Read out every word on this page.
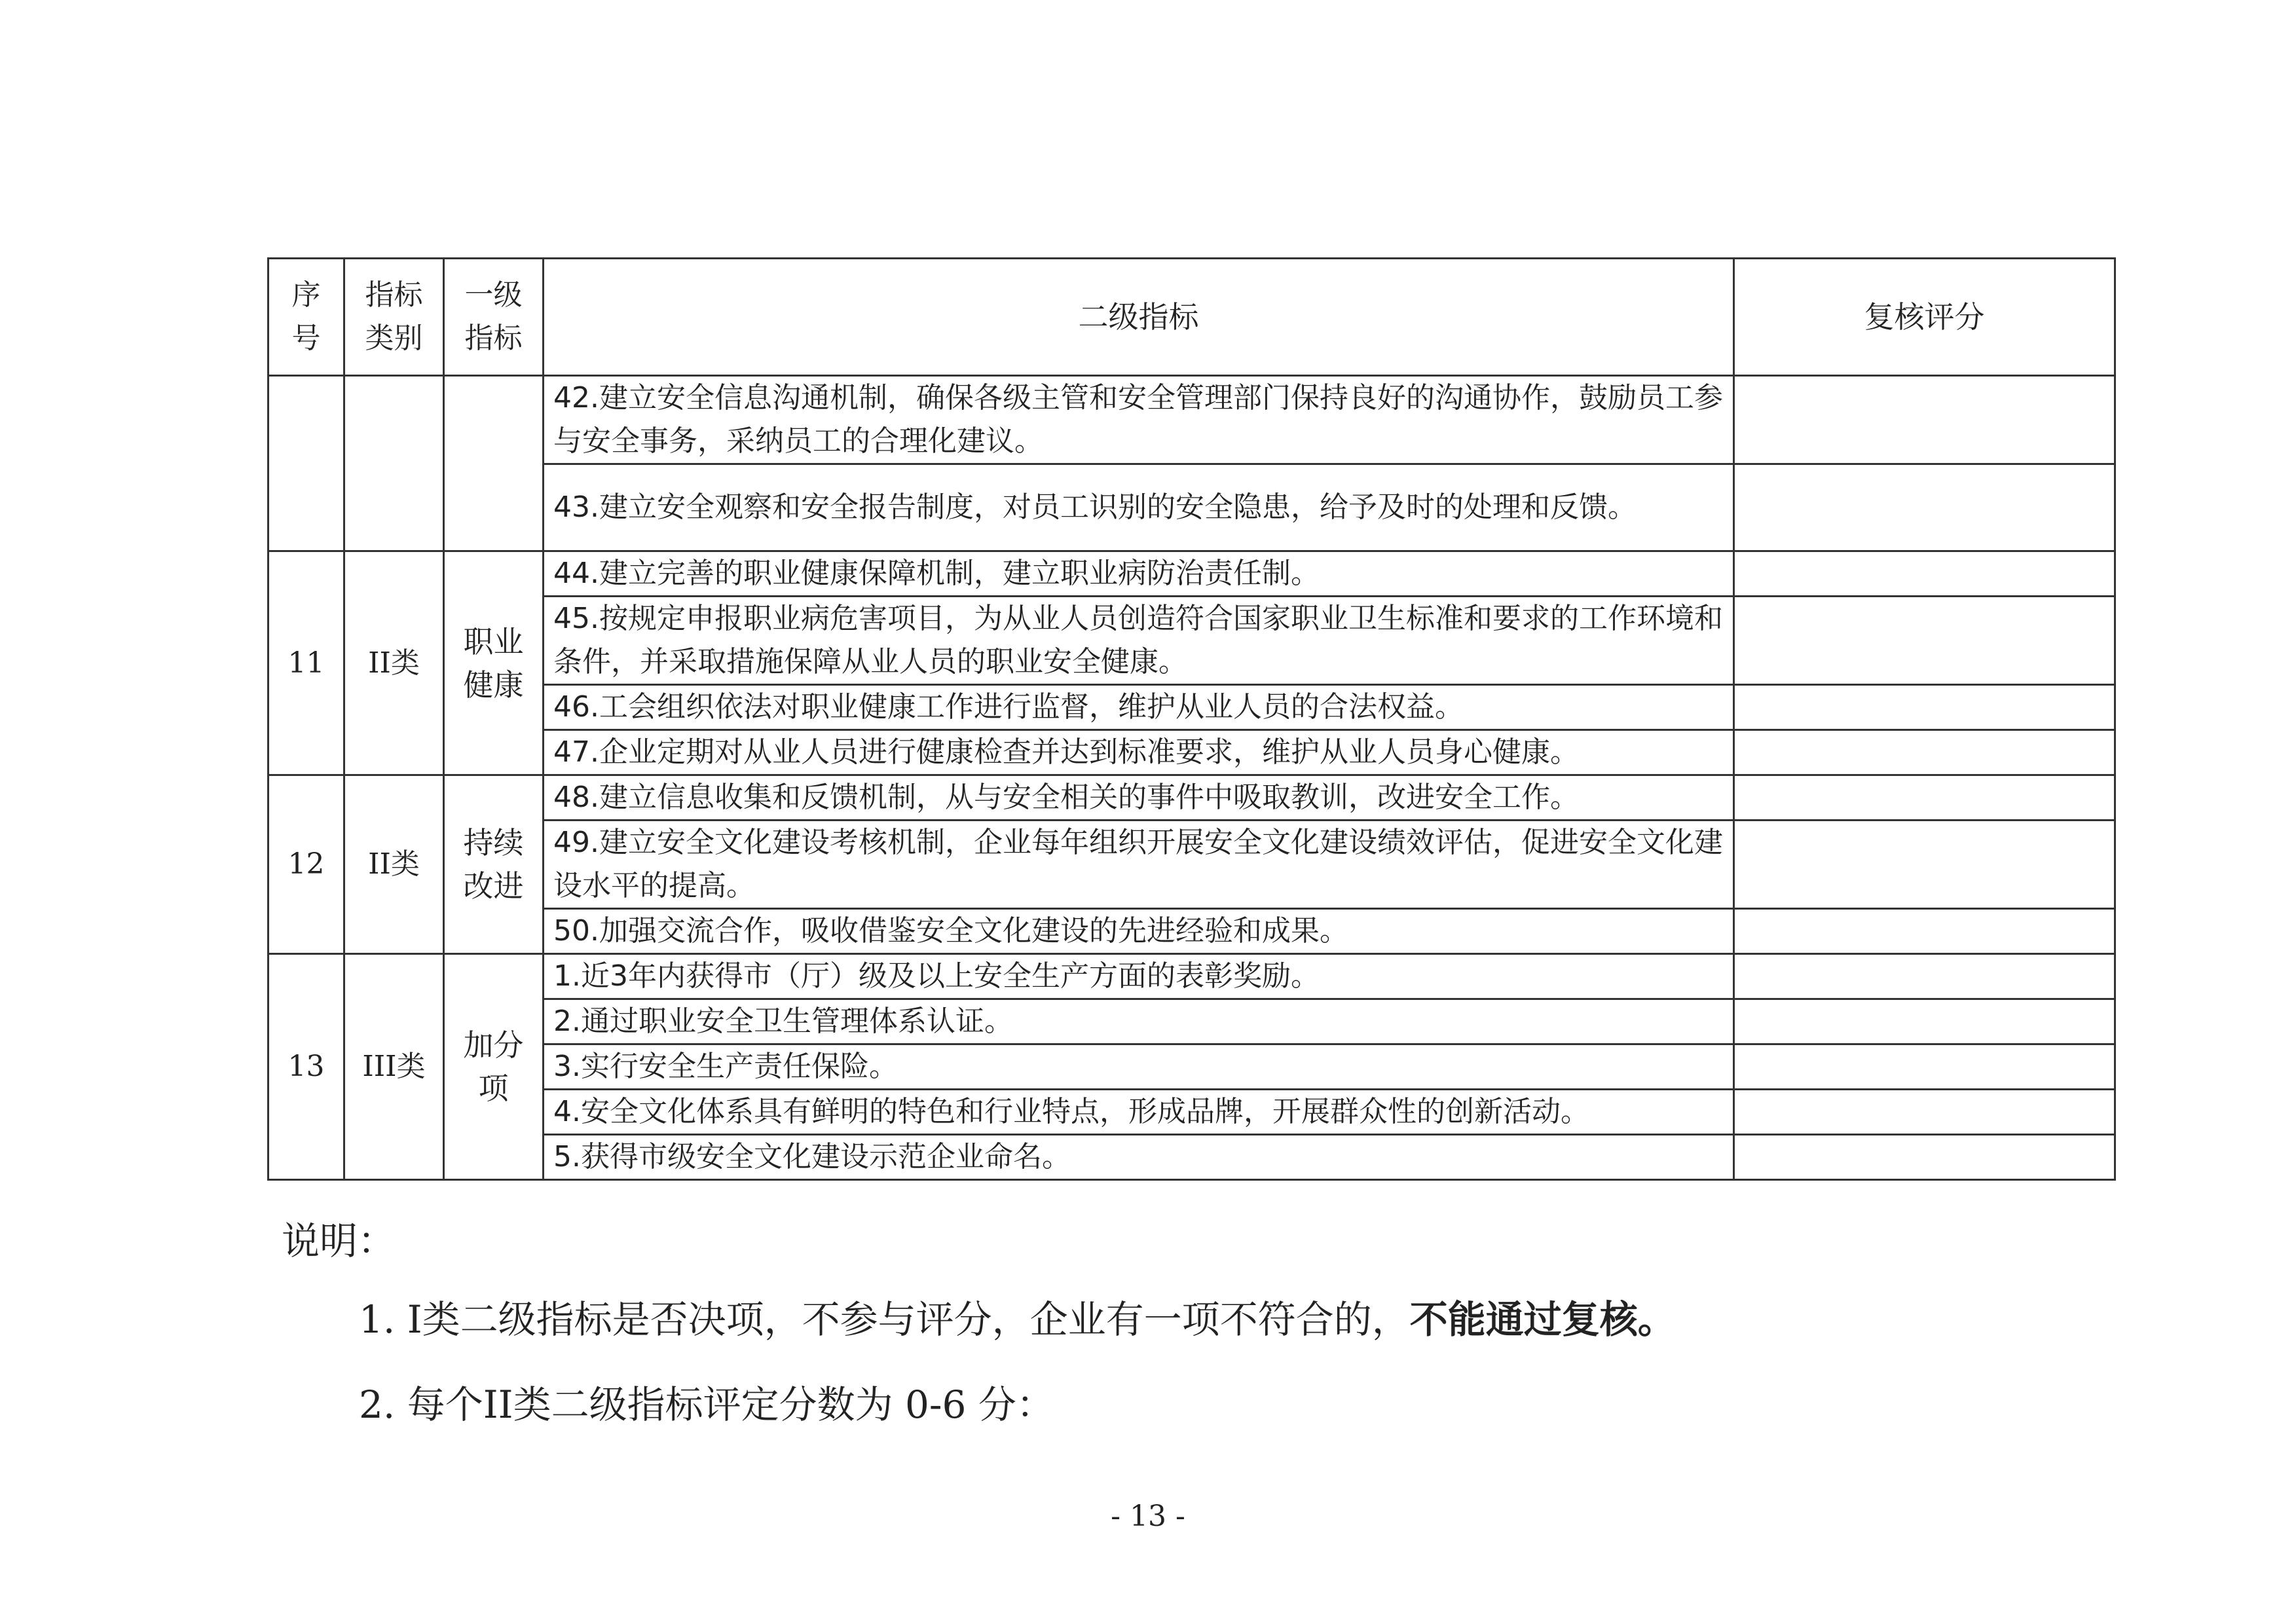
序号	指标类别	一级指标	二级指标	复核评分
			42.建立安全信息沟通机制，确保各级主管和安全管理部门保持良好的沟通协作，鼓励员工参与安全事务，采纳员工的合理化建议。	
			43.建立安全观察和安全报告制度，对员工识别的安全隐患，给予及时的处理和反馈。	
11	II类	职业健康	44.建立完善的职业健康保障机制，建立职业病防治责任制。	
			45.按规定申报职业病危害项目，为从业人员创造符合国家职业卫生标准和要求的工作环境和条件，并采取措施保障从业人员的职业安全健康。	
			46.工会组织依法对职业健康工作进行监督，维护从业人员的合法权益。	
			47.企业定期对从业人员进行健康检查并达到标准要求，维护从业人员身心健康。	
12	II类	持续改进	48.建立信息收集和反馈机制，从与安全相关的事件中吸取教训，改进安全工作。	
			49.建立安全文化建设考核机制，企业每年组织开展安全文化建设绩效评估，促进安全文化建设水平的提高。	
			50.加强交流合作，吸收借鉴安全文化建设的先进经验和成果。	
13	III类	加分项	1.近3年内获得市（厅）级及以上安全生产方面的表彰奖励。	
			2.通过职业安全卫生管理体系认证。	
			3.实行安全生产责任保险。	
			4.安全文化体系具有鲜明的特色和行业特点，形成品牌，开展群众性的创新活动。	
			5.获得市级安全文化建设示范企业命名。	
说明：
1. I类二级指标是否决项，不参与评分，企业有一项不符合的，不能通过复核。
2. 每个II类二级指标评定分数为 0-6 分：
- 13 -
